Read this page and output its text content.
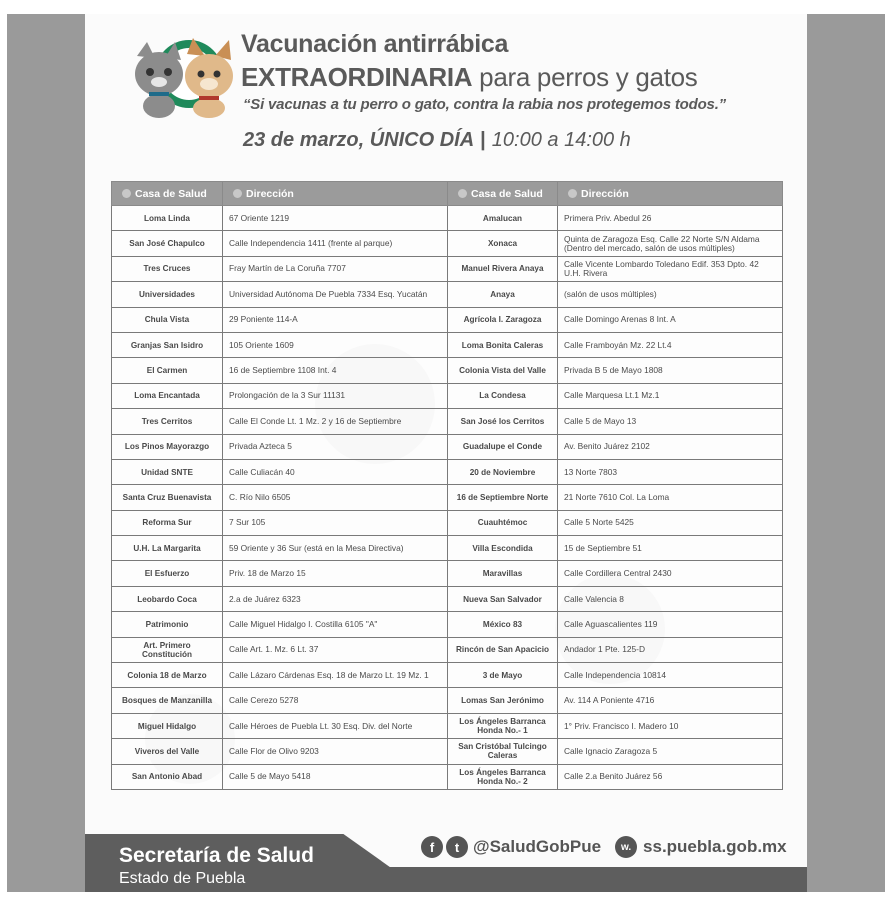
Vacunación antirrábica
EXTRAORDINARIA para perros y gatos
“Si vacunas a tu perro o gato, contra la rabia nos protegemos todos.”
23 de marzo, ÚNICO DÍA | 10:00 a 14:00 h
Casa de Salud	Dirección	Casa de Salud	Dirección
Loma Linda	67 Oriente 1219	Amalucan	Primera Priv. Abedul 26
San José Chapulco	Calle Independencia 1411 (frente al parque)	Xonaca	Quinta de Zaragoza Esq. Calle 22 Norte S/N Aldama (Dentro del mercado, salón de usos múltiples)
Tres Cruces	Fray Martín de La Coruña 7707	Manuel Rivera Anaya	Calle Vicente Lombardo Toledano Edif. 353 Dpto. 42 U.H. Rivera
Universidades	Universidad Autónoma De Puebla 7334 Esq. Yucatán	Anaya	(salón de usos múltiples)
Chula Vista	29 Poniente 114-A	Agrícola I. Zaragoza	Calle Domingo Arenas 8 Int. A
Granjas San Isidro	105 Oriente 1609	Loma Bonita Caleras	Calle Framboyán Mz. 22 Lt.4
El Carmen	16 de Septiembre 1108 Int. 4	Colonia Vista del Valle	Privada B 5 de Mayo 1808
Loma Encantada	Prolongación de la 3 Sur 11131	La Condesa	Calle Marquesa Lt.1 Mz.1
Tres Cerritos	Calle El Conde Lt. 1 Mz. 2 y 16 de Septiembre	San José los Cerritos	Calle 5 de Mayo 13
Los Pinos Mayorazgo	Privada Azteca 5	Guadalupe el Conde	Av. Benito Juárez 2102
Unidad SNTE	Calle Culiacán 40	20 de Noviembre	13 Norte 7803
Santa Cruz Buenavista	C. Río Nilo 6505	16 de Septiembre Norte	21 Norte 7610 Col. La Loma
Reforma Sur	7 Sur 105	Cuauhtémoc	Calle 5 Norte 5425
U.H. La Margarita	59 Oriente y 36 Sur (está en la Mesa Directiva)	Villa Escondida	15 de Septiembre 51
El Esfuerzo	Priv. 18 de Marzo 15	Maravillas	Calle Cordillera Central 2430
Leobardo Coca	2.a de Juárez 6323	Nueva San Salvador	Calle Valencia 8
Patrimonio	Calle Miguel Hidalgo I. Costilla 6105 "A"	México 83	Calle Aguascalientes 119
Art. Primero Constitución	Calle Art. 1. Mz. 6 Lt. 37	Rincón de San Apacicio	Andador 1 Pte. 125-D
Colonia 18 de Marzo	Calle Lázaro Cárdenas Esq. 18 de Marzo Lt. 19 Mz. 1	3 de Mayo	Calle Independencia 10814
Bosques de Manzanilla	Calle Cerezo 5278	Lomas San Jerónimo	Av. 114 A Poniente 4716
Miguel Hidalgo	Calle Héroes de Puebla Lt. 30 Esq. Div. del Norte	Los Ángeles Barranca Honda No.- 1	1° Priv. Francisco I. Madero 10
Viveros del Valle	Calle Flor de Olivo 9203	San Cristóbal Tulcingo Caleras	Calle Ignacio Zaragoza 5
San Antonio Abad	Calle 5 de Mayo 5418	Los Ángeles Barranca Honda No.- 2	Calle 2.a Benito Juárez 56
Secretaría de Salud
Estado de Puebla
f	t @SaludGobPue	w. ss.puebla.gob.mx
